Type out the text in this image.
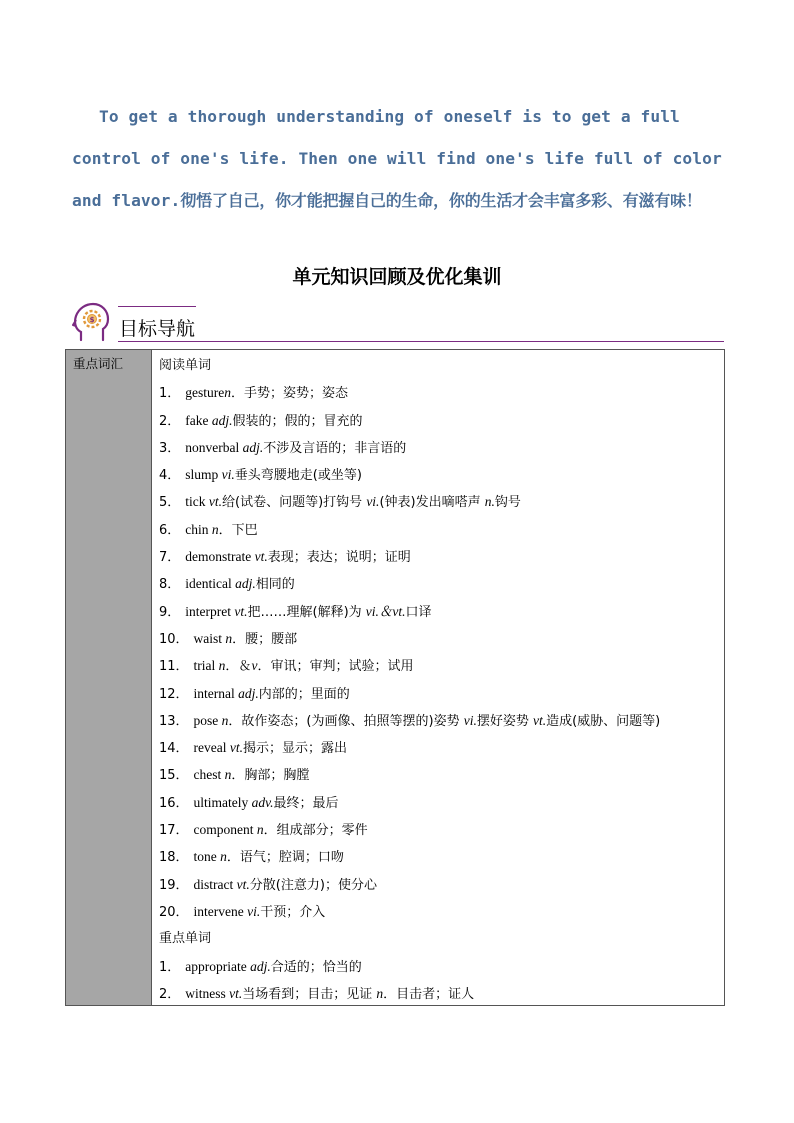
To get a thorough understanding of oneself is to get a full control of one's life. Then one will find one's life full of color and flavor.彻悟了自己，你才能把握自己的生命，你的生活才会丰富多彩、有滋有味！
单元知识回顾及优化集训
$ 目标导航
重点词汇	阅读单词
1． gesturen．手势；姿势；姿态
2． fake adj.假装的；假的；冒充的
3． nonverbal adj.不涉及言语的；非言语的
4． slump vi.垂头弯腰地走(或坐等)
5． tick vt.给(试卷、问题等)打钩号 vi.(钟表)发出嘀嗒声 n.钩号
6． chin n．下巴
7． demonstrate vt.表现；表达；说明；证明
8． identical adj.相同的
9． interpret vt.把……理解(解释)为 vi.＆vt.口译
10． waist n．腰；腰部
11． trial n．＆v．审讯；审判；试验；试用
12． internal adj.内部的；里面的
13． pose n．故作姿态；(为画像、拍照等摆的)姿势 vi.摆好姿势 vt.造成(威胁、问题等)
14． reveal vt.揭示；显示；露出
15． chest n．胸部；胸膛
16． ultimately adv.最终；最后
17． component n．组成部分；零件
18． tone n．语气；腔调；口吻
19． distract vt.分散(注意力)；使分心
20． intervene vi.干预；介入
重点单词
1． appropriate adj.合适的；恰当的
2． witness vt.当场看到；目击；见证 n．目击者；证人
